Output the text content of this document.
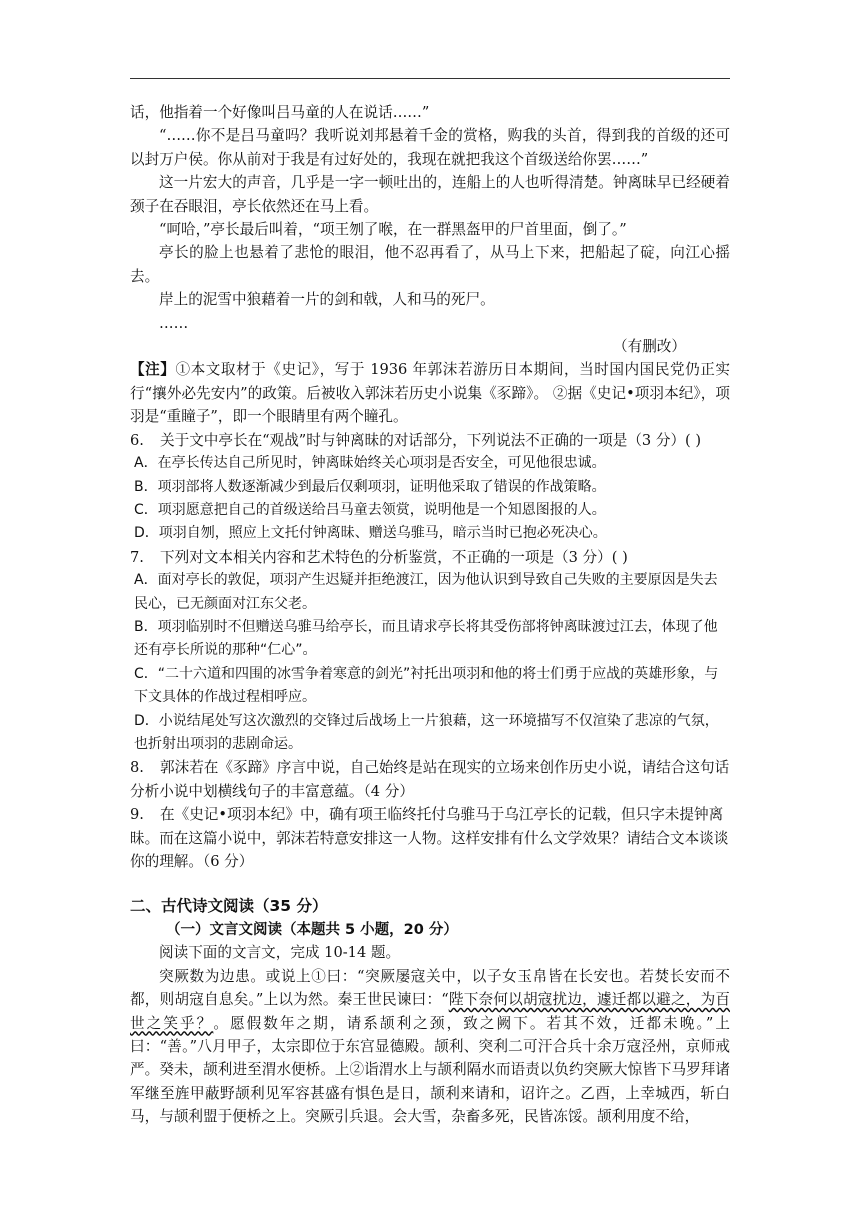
话，他指着一个好像叫吕马童的人在说话……”

“……你不是吕马童吗？我听说刘邦悬着千金的赏格，购我的头首，得到我的首级的还可以封万户侯。你从前对于我是有过好处的，我现在就把我这个首级送给你罢……”

这一片宏大的声音，几乎是一字一顿吐出的，连船上的人也听得清楚。钟离昧早已经硬着颈子在吞眼泪，亭长依然还在马上看。

“呵哈，”亭长最后叫着，“项王刎了喉，在一群黑盔甲的尸首里面，倒了。”

亭长的脸上也悬着了悲怆的眼泪，他不忍再看了，从马上下来，把船起了碇，向江心摇去。

岸上的泥雪中狼藉着一片的剑和戟，人和马的死尸。

……

（有删改）

【注】①本文取材于《史记》，写于 1936 年郭沫若游历日本期间，当时国内国民党仍正实行“攘外必先安内”的政策。后被收入郭沫若历史小说集《豕蹄》。 ②据《史记•项羽本纪》，项羽是“重瞳子”，即一个眼睛里有两个瞳孔。

6. 关于文中亭长在“观战”时与钟离昧的对话部分，下列说法不正确的一项是（3 分）( )

A．在亭长传达自己所见时，钟离昧始终关心项羽是否安全，可见他很忠诚。

B．项羽部将人数逐渐减少到最后仅剩项羽，证明他采取了错误的作战策略。

C．项羽愿意把自己的首级送给吕马童去领赏，说明他是一个知恩图报的人。

D．项羽自刎，照应上文托付钟离昧、赠送乌骓马，暗示当时已抱必死决心。

7. 下列对文本相关内容和艺术特色的分析鉴赏，不正确的一项是（3 分）( )

A．面对亭长的敦促，项羽产生迟疑并拒绝渡江，因为他认识到导致自己失败的主要原因是失去民心，已无颜面对江东父老。

B．项羽临别时不但赠送乌骓马给亭长，而且请求亭长将其受伤部将钟离昧渡过江去，体现了他还有亭长所说的那种“仁心”。

C．“二十六道和四围的冰雪争着寒意的剑光”衬托出项羽和他的将士们勇于应战的英雄形象，与下文具体的作战过程相呼应。

D．小说结尾处写这次激烈的交锋过后战场上一片狼藉，这一环境描写不仅渲染了悲凉的气氛，也折射出项羽的悲剧命运。

8. 郭沫若在《豕蹄》序言中说，自己始终是站在现实的立场来创作历史小说，请结合这句话分析小说中划横线句子的丰富意蕴。（4 分）

9. 在《史记•项羽本纪》中，确有项王临终托付乌骓马于乌江亭长的记载，但只字未提钟离昧。而在这篇小说中，郭沫若特意安排这一人物。这样安排有什么文学效果？请结合文本谈谈你的理解。（6 分）

二、古代诗文阅读（35 分）

（一）文言文阅读（本题共 5 小题，20 分）

阅读下面的文言文，完成 10-14 题。

突厥数为边患。或说上①曰：“突厥屡寇关中，以子女玉帛皆在长安也。若焚长安而不都，则胡寇自息矣。”上以为然。秦王世民谏曰：“陛下奈何以胡寇扰边，遽迁都以避之，为百世之笑乎？。愿假数年之期，请系颉利之颈，致之阙下。若其不效，迁都未晚。”上曰：“善。”八月甲子，太宗即位于东宫显德殿。颉利、突利二可汗合兵十余万寇泾州，京师戒严。癸未，颉利进至渭水便桥。上②诣渭水上与颉利隔水而语责以负约突厥大惊皆下马罗拜诸军继至旌甲蔽野颉利见军容甚盛有惧色是日，颉利来请和，诏许之。乙酉，上幸城西，斩白马，与颉利盟于便桥之上。突厥引兵退。会大雪，杂畜多死，民皆冻馁。颉利用度不给，
